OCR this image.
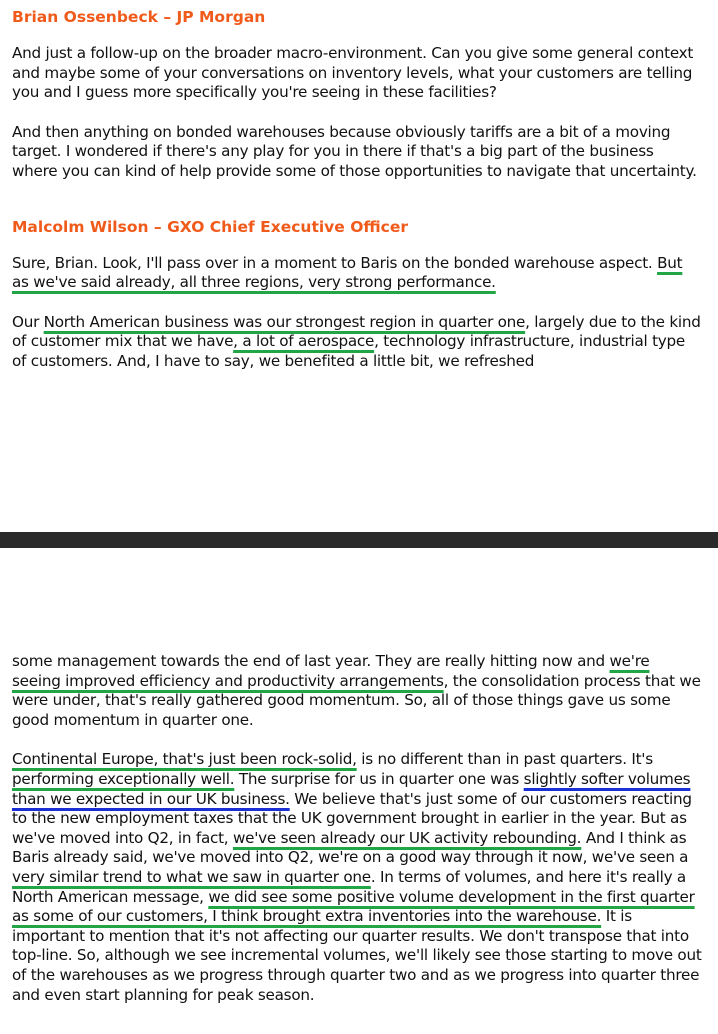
Brian Ossenbeck – JP Morgan

And just a follow-up on the broader macro-environment. Can you give some general context and maybe some of your conversations on inventory levels, what your customers are telling you and I guess more specifically you're seeing in these facilities?

And then anything on bonded warehouses because obviously tariffs are a bit of a moving target. I wondered if there's any play for you in there if that's a big part of the business where you can kind of help provide some of those opportunities to navigate that uncertainty.

Malcolm Wilson – GXO Chief Executive Officer

Sure, Brian. Look, I'll pass over in a moment to Baris on the bonded warehouse aspect. But as we've said already, all three regions, very strong performance.

Our North American business was our strongest region in quarter one, largely due to the kind of customer mix that we have, a lot of aerospace, technology infrastructure, industrial type of customers. And, I have to say, we benefited a little bit, we refreshed

some management towards the end of last year. They are really hitting now and we're seeing improved efficiency and productivity arrangements, the consolidation process that we were under, that's really gathered good momentum. So, all of those things gave us some good momentum in quarter one.

Continental Europe, that's just been rock-solid, is no different than in past quarters. It's performing exceptionally well. The surprise for us in quarter one was slightly softer volumes than we expected in our UK business. We believe that's just some of our customers reacting to the new employment taxes that the UK government brought in earlier in the year. But as we've moved into Q2, in fact, we've seen already our UK activity rebounding. And I think as Baris already said, we've moved into Q2, we're on a good way through it now, we've seen a very similar trend to what we saw in quarter one. In terms of volumes, and here it's really a North American message, we did see some positive volume development in the first quarter as some of our customers, I think brought extra inventories into the warehouse. It is important to mention that it's not affecting our quarter results. We don't transpose that into top-line. So, although we see incremental volumes, we'll likely see those starting to move out of the warehouses as we progress through quarter two and as we progress into quarter three and even start planning for peak season.
